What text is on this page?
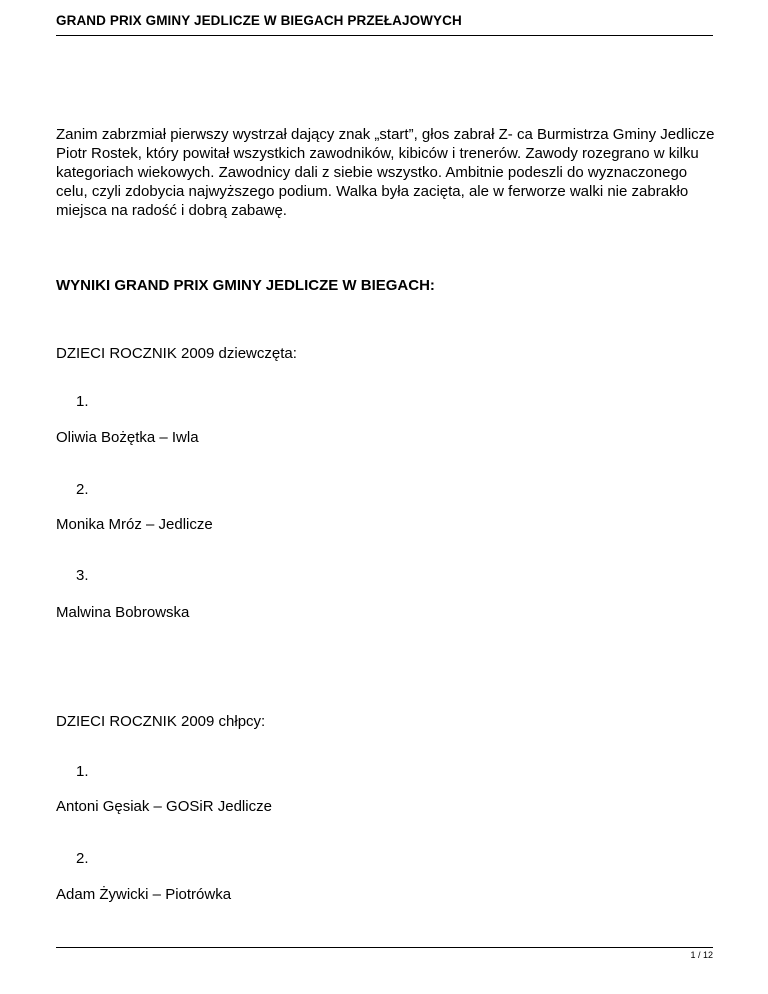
GRAND PRIX GMINY JEDLICZE W BIEGACH PRZEŁAJOWYCH

Zanim zabrzmiał pierwszy wystrzał dający znak „start”, głos zabrał Z- ca Burmistrza Gminy Jedlicze Piotr Rostek, który powitał wszystkich zawodników, kibiców i trenerów. Zawody rozegrano w kilku kategoriach wiekowych. Zawodnicy dali z siebie wszystko. Ambitnie podeszli do wyznaczonego celu, czyli zdobycia najwyższego podium. Walka była zacięta, ale w ferworze walki nie zabrakło miejsca na radość i dobrą zabawę.

WYNIKI GRAND PRIX GMINY JEDLICZE W BIEGACH:
DZIECI ROCZNIK 2009 dziewczęta:
1.
Oliwia Bożętka – Iwla
2.
Monika Mróz – Jedlicze
3.
Malwina Bobrowska
DZIECI ROCZNIK 2009 chłpcy:
1.
Antoni Gęsiak – GOSiR Jedlicze
2.
Adam Żywicki – Piotrówka
1 / 12
